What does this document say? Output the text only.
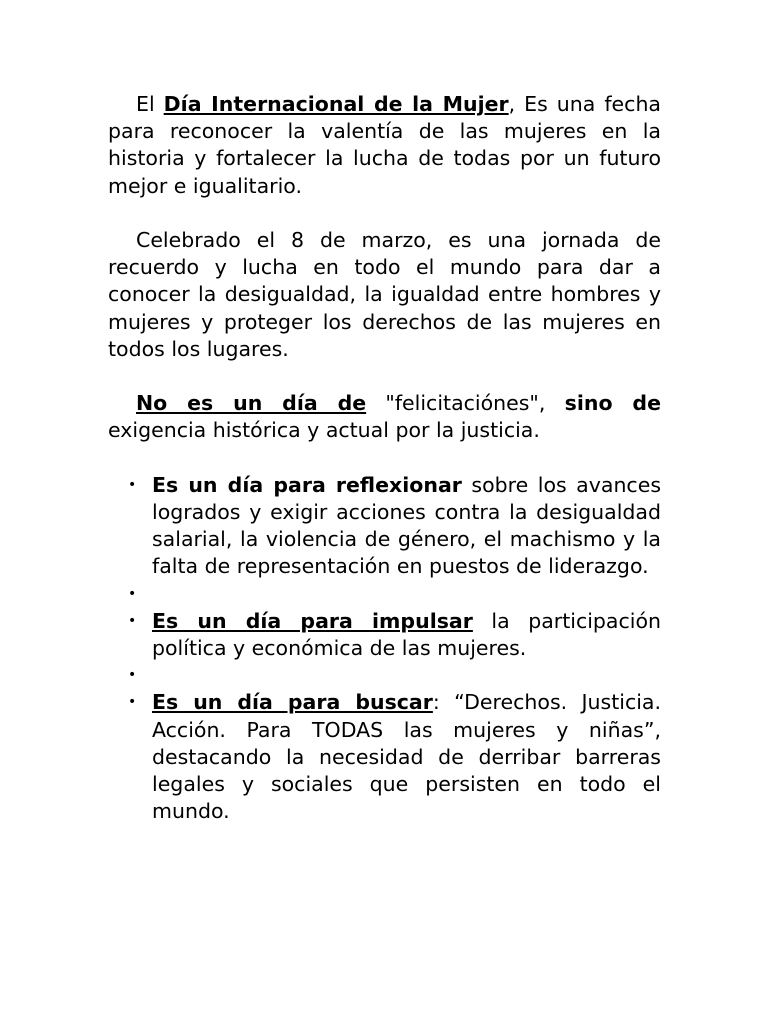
El Día Internacional de la Mujer, Es una fecha para reconocer la valentía de las mujeres en la historia y fortalecer la lucha de todas por un futuro mejor e igualitario.

Celebrado el 8 de marzo, es una jornada de recuerdo y lucha en todo el mundo para dar a conocer la desigualdad, la igualdad entre hombres y mujeres y proteger los derechos de las mujeres en todos los lugares.

No es un día de "felicitaciónes", sino de exigencia histórica y actual por la justicia.

• Es un día para reflexionar sobre los avances logrados y exigir acciones contra la desigualdad salarial, la violencia de género, el machismo y la falta de representación en puestos de liderazgo.
•
• Es un día para impulsar la participación política y económica de las mujeres.
•
• Es un día para buscar: “Derechos. Justicia. Acción. Para TODAS las mujeres y niñas”, destacando la necesidad de derribar barreras legales y sociales que persisten en todo el mundo.
